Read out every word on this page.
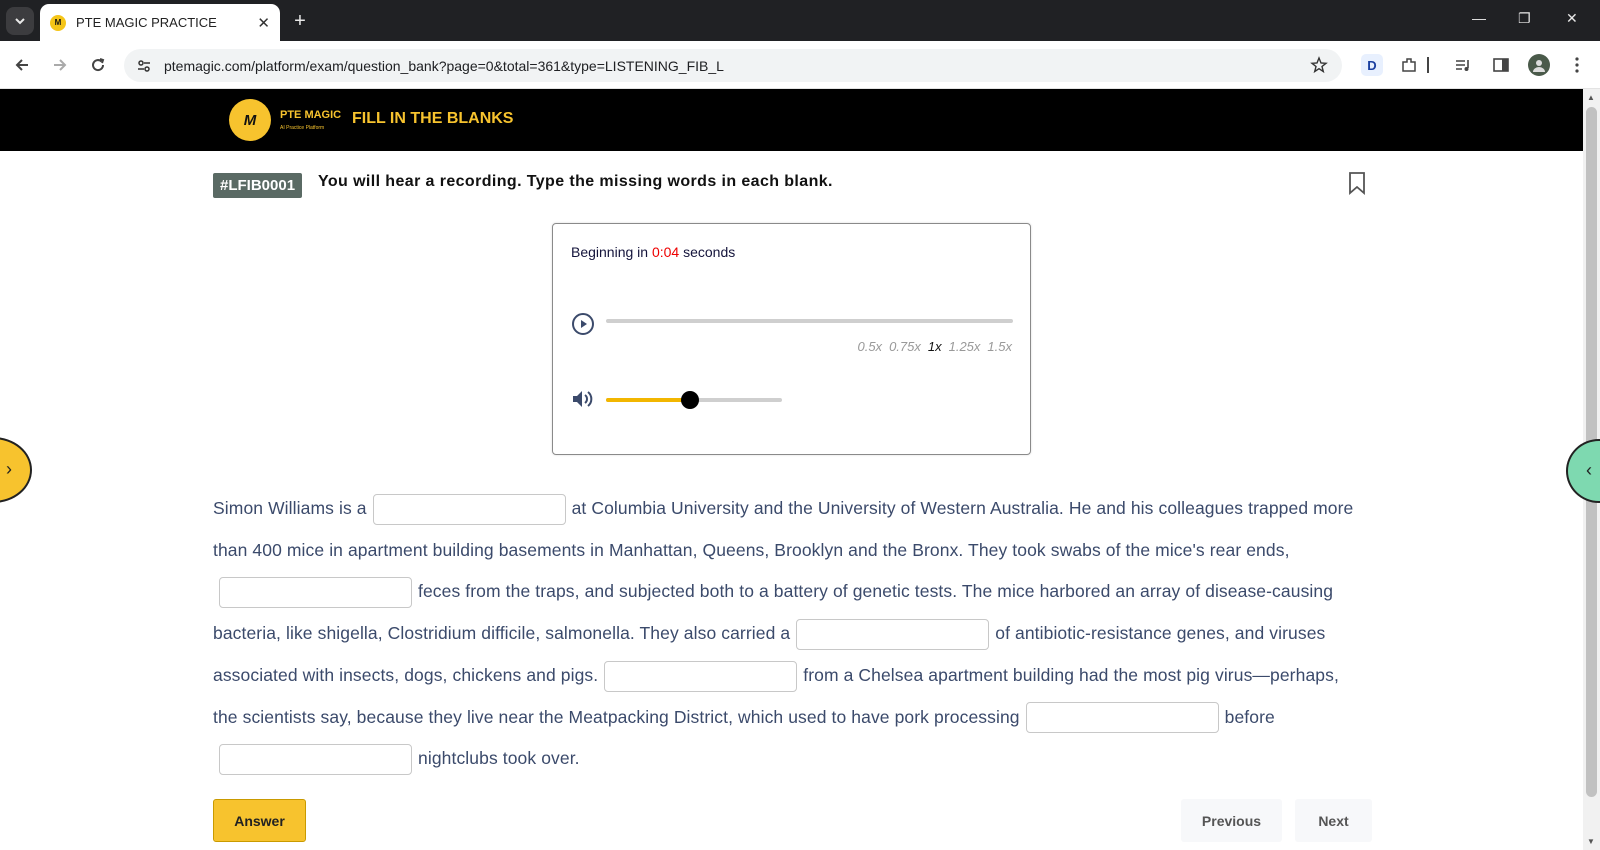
M	PTE MAGIC PRACTICE	✕	+	— ❐	✕
ptemagic.com/platform/exam/question_bank?page=0&total=361&type=LISTENING_FIB_L	D
M	PTE MAGIC
AI Practice Platform
FILL IN THE BLANKS
▲
▼
#LFIB0001	You will hear a recording. Type the missing words in each blank.
Beginning in 0:04 seconds
0.5x 0.75x 1x 1.25x 1.5x
›	‹
Simon Williams is a	at Columbia University and the University of Western Australia. He and his colleagues trapped more than 400 mice in apartment building basements in Manhattan, Queens, Brooklyn and the Bronx. They took swabs of the mice's rear ends,feces from the traps, and subjected both to a battery of genetic tests. The mice harbored an array of disease-causing bacteria, like shigella, Clostridium difficile, salmonella. They also carried a	of antibiotic-resistance genes, and viruses associated with insects, dogs, chickens and pigs.	from a Chelsea apartment building had the most pig virus—perhaps, the scientists say, because they live near the Meatpacking District, which used to have pork processing	beforenightclubs took over.
Answer	Previous	Next
